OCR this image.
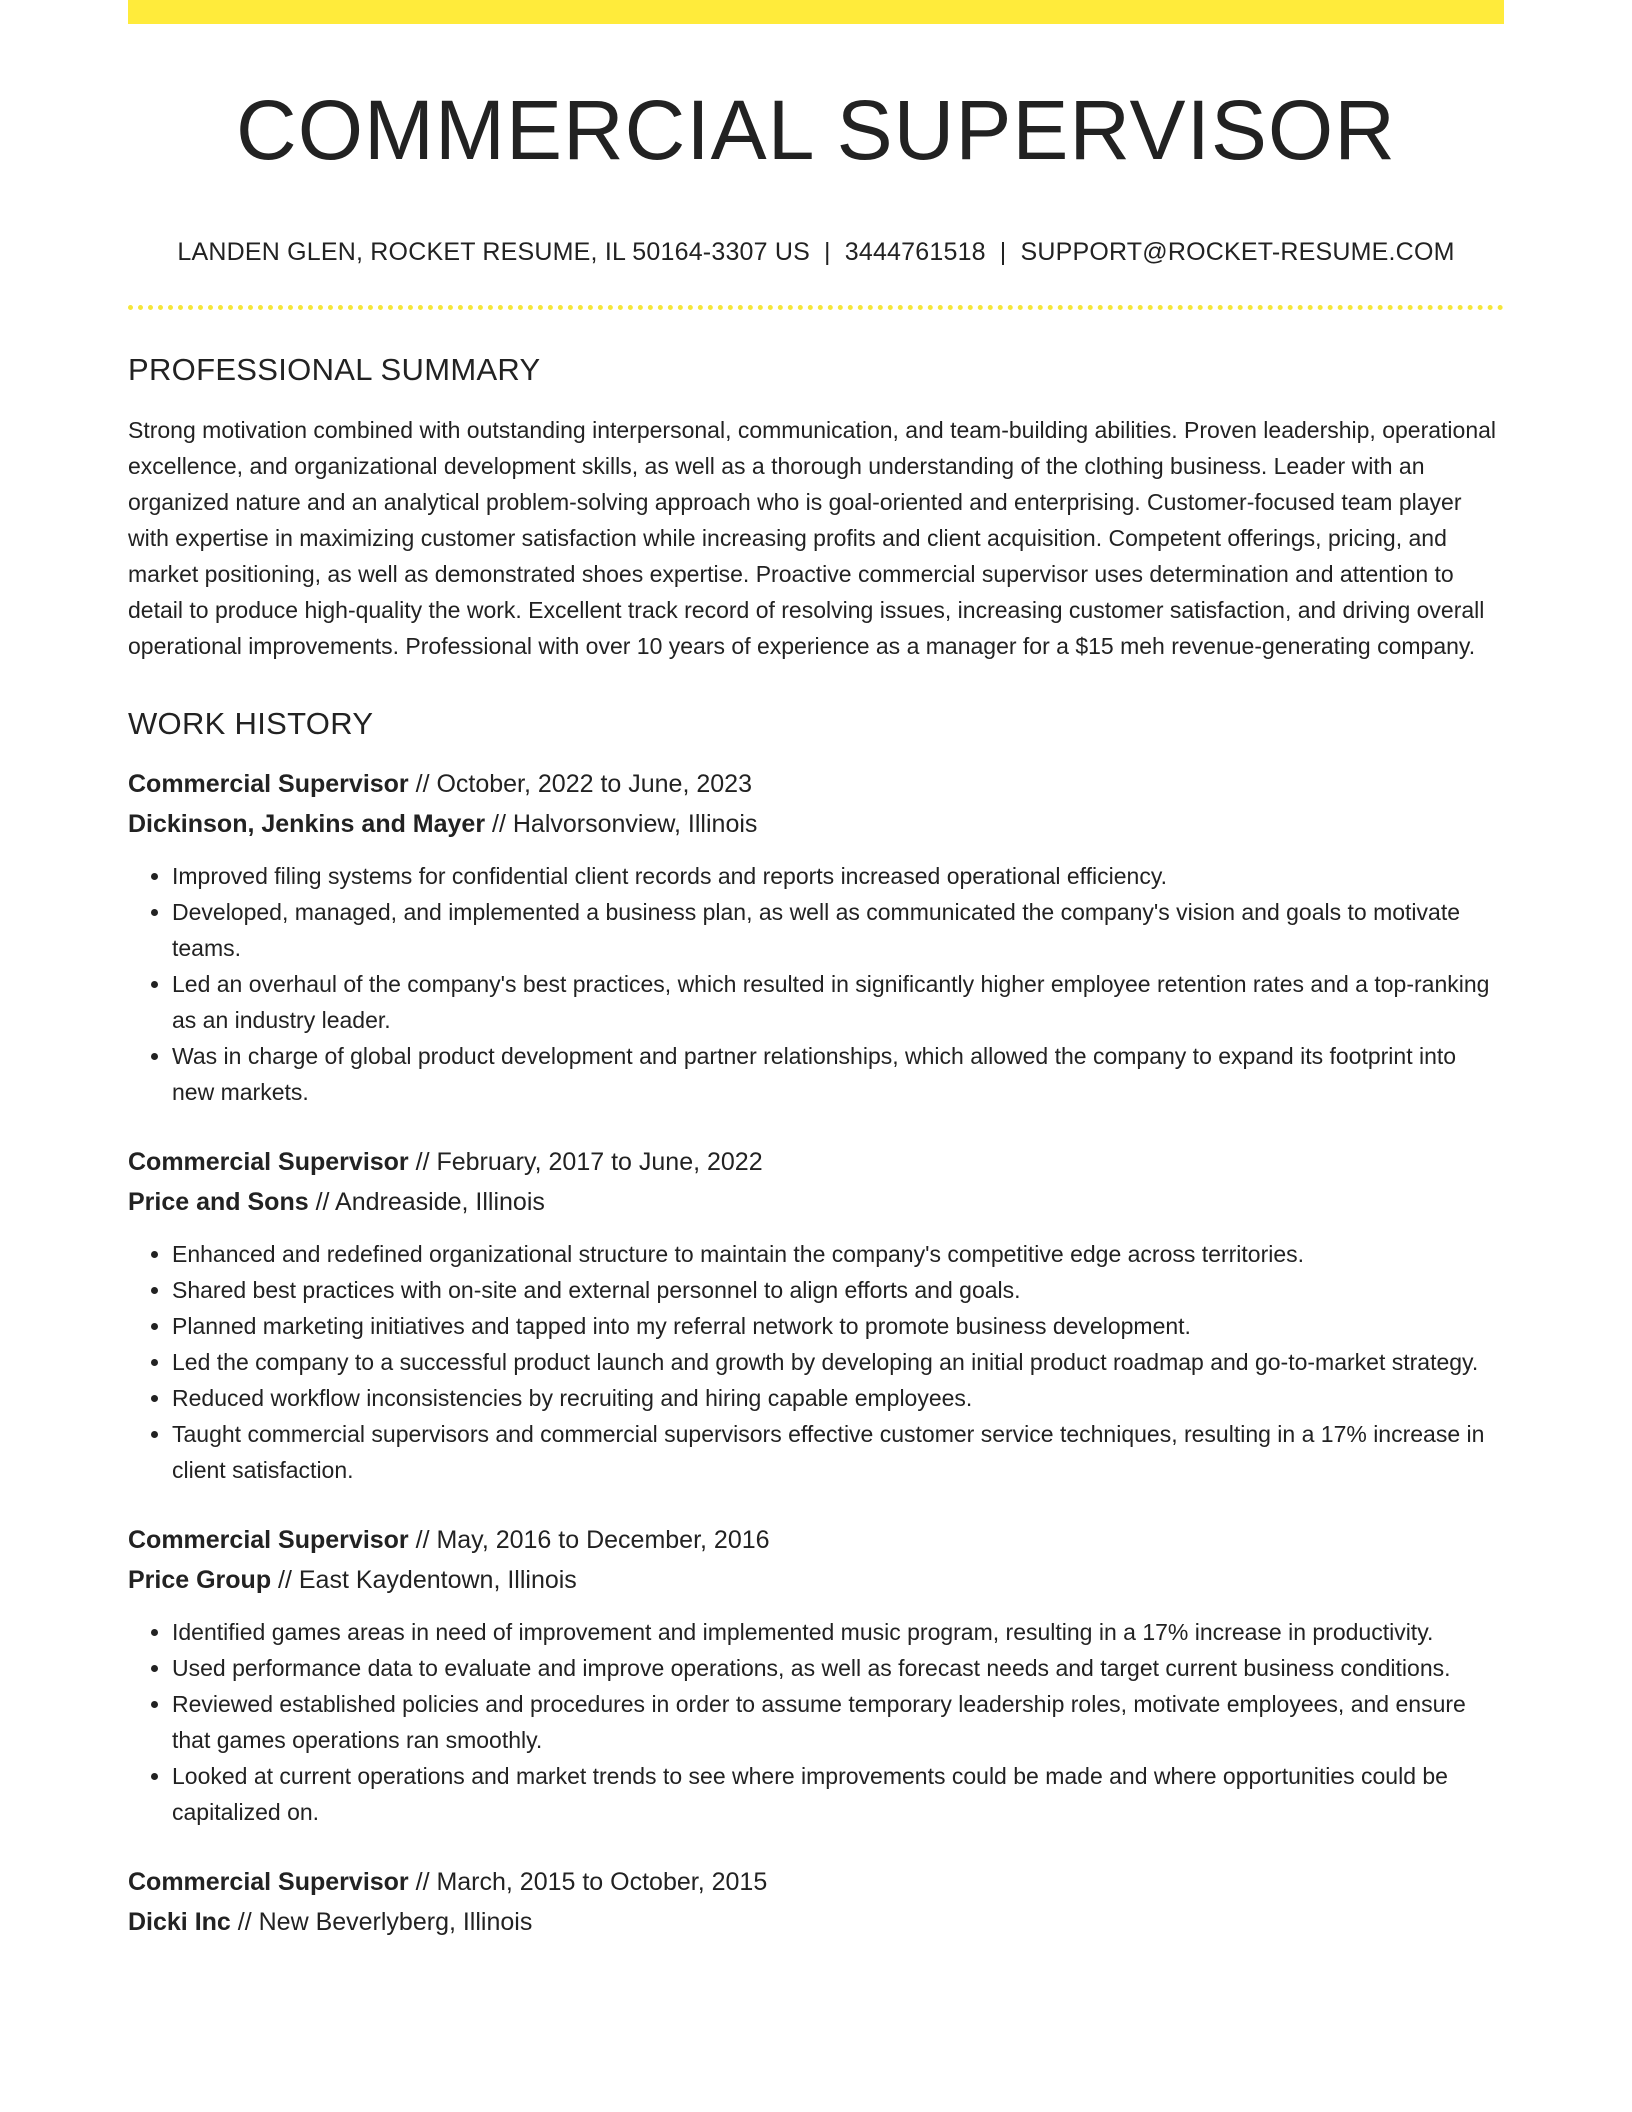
COMMERCIAL SUPERVISOR
LANDEN GLEN, ROCKET RESUME, IL 50164-3307 US | 3444761518 | SUPPORT@ROCKET-RESUME.COM
PROFESSIONAL SUMMARY
Strong motivation combined with outstanding interpersonal, communication, and team-building abilities. Proven leadership, operational excellence, and organizational development skills, as well as a thorough understanding of the clothing business. Leader with an organized nature and an analytical problem-solving approach who is goal-oriented and enterprising. Customer-focused team player with expertise in maximizing customer satisfaction while increasing profits and client acquisition. Competent offerings, pricing, and market positioning, as well as demonstrated shoes expertise. Proactive commercial supervisor uses determination and attention to detail to produce high-quality the work. Excellent track record of resolving issues, increasing customer satisfaction, and driving overall operational improvements. Professional with over 10 years of experience as a manager for a $15 meh revenue-generating company.
WORK HISTORY
Commercial Supervisor // October, 2022 to June, 2023
Dickinson, Jenkins and Mayer // Halvorsonview, Illinois
• Improved filing systems for confidential client records and reports increased operational efficiency.
• Developed, managed, and implemented a business plan, as well as communicated the company's vision and goals to motivate teams.
• Led an overhaul of the company's best practices, which resulted in significantly higher employee retention rates and a top-ranking as an industry leader.
• Was in charge of global product development and partner relationships, which allowed the company to expand its footprint into new markets.
Commercial Supervisor // February, 2017 to June, 2022
Price and Sons // Andreaside, Illinois
• Enhanced and redefined organizational structure to maintain the company's competitive edge across territories.
• Shared best practices with on-site and external personnel to align efforts and goals.
• Planned marketing initiatives and tapped into my referral network to promote business development.
• Led the company to a successful product launch and growth by developing an initial product roadmap and go-to-market strategy.
• Reduced workflow inconsistencies by recruiting and hiring capable employees.
• Taught commercial supervisors and commercial supervisors effective customer service techniques, resulting in a 17% increase in client satisfaction.
Commercial Supervisor // May, 2016 to December, 2016
Price Group // East Kaydentown, Illinois
• Identified games areas in need of improvement and implemented music program, resulting in a 17% increase in productivity.
• Used performance data to evaluate and improve operations, as well as forecast needs and target current business conditions.
• Reviewed established policies and procedures in order to assume temporary leadership roles, motivate employees, and ensure that games operations ran smoothly.
• Looked at current operations and market trends to see where improvements could be made and where opportunities could be capitalized on.
Commercial Supervisor // March, 2015 to October, 2015
Dicki Inc // New Beverlyberg, Illinois
